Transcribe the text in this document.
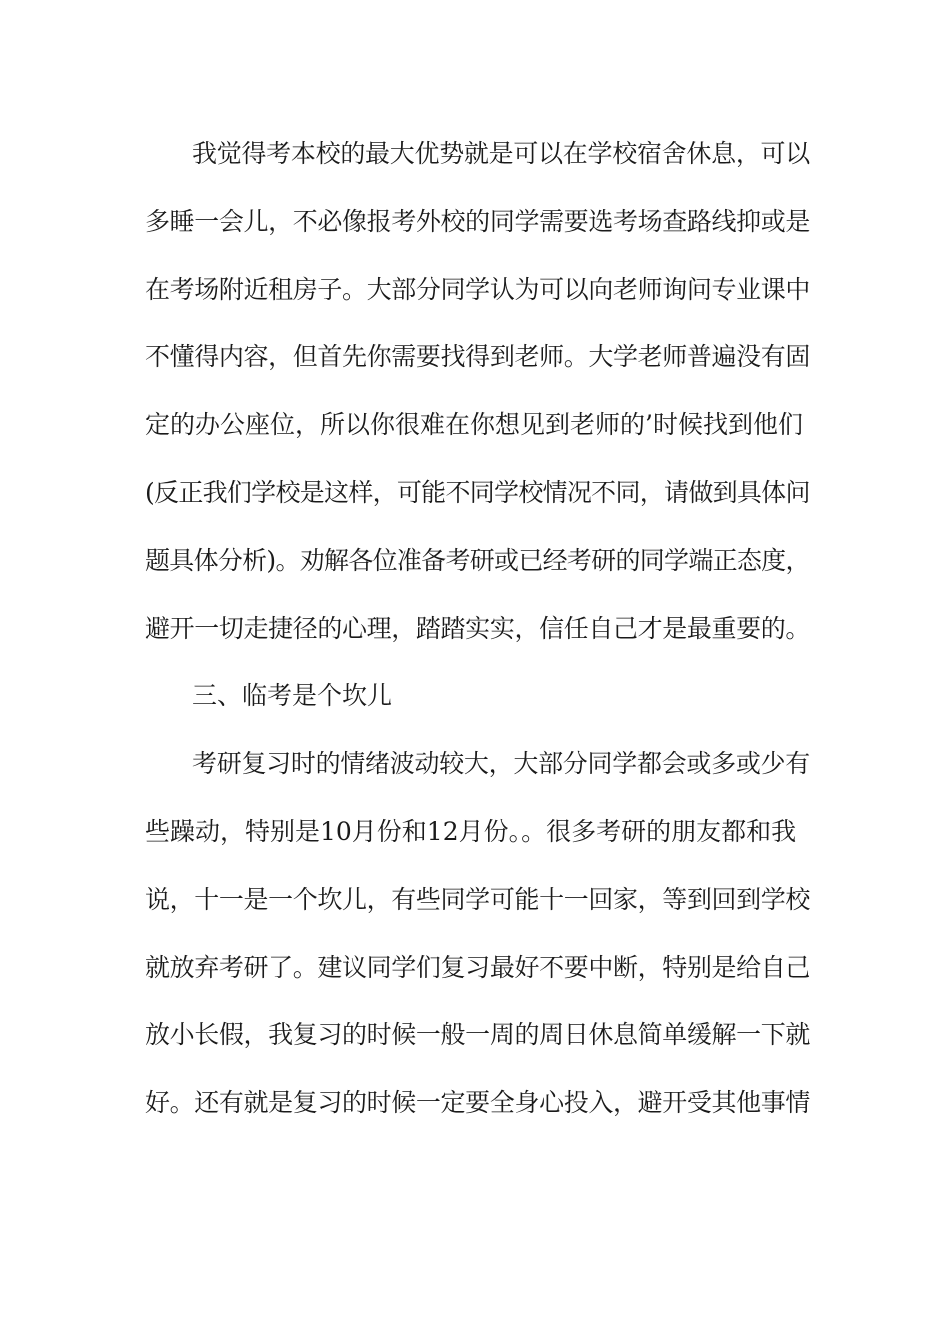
我觉得考本校的最大优势就是可以在学校宿舍休息，可以
多睡一会儿，不必像报考外校的同学需要选考场查路线抑或是
在考场附近租房子。大部分同学认为可以向老师询问专业课中
不懂得内容，但首先你需要找得到老师。大学老师普遍没有固
定的办公座位，所以你很难在你想见到老师的’时候找到他们
(反正我们学校是这样，可能不同学校情况不同，请做到具体问
题具体分析)。劝解各位准备考研或已经考研的同学端正态度，
避开一切走捷径的心理，踏踏实实，信任自己才是最重要的。
三、临考是个坎儿
考研复习时的情绪波动较大，大部分同学都会或多或少有
些躁动，特别是10月份和12月份。。很多考研的朋友都和我
说，十一是一个坎儿，有些同学可能十一回家，等到回到学校
就放弃考研了。建议同学们复习最好不要中断，特别是给自己
放小长假，我复习的时候一般一周的周日休息简单缓解一下就
好。还有就是复习的时候一定要全身心投入，避开受其他事情
